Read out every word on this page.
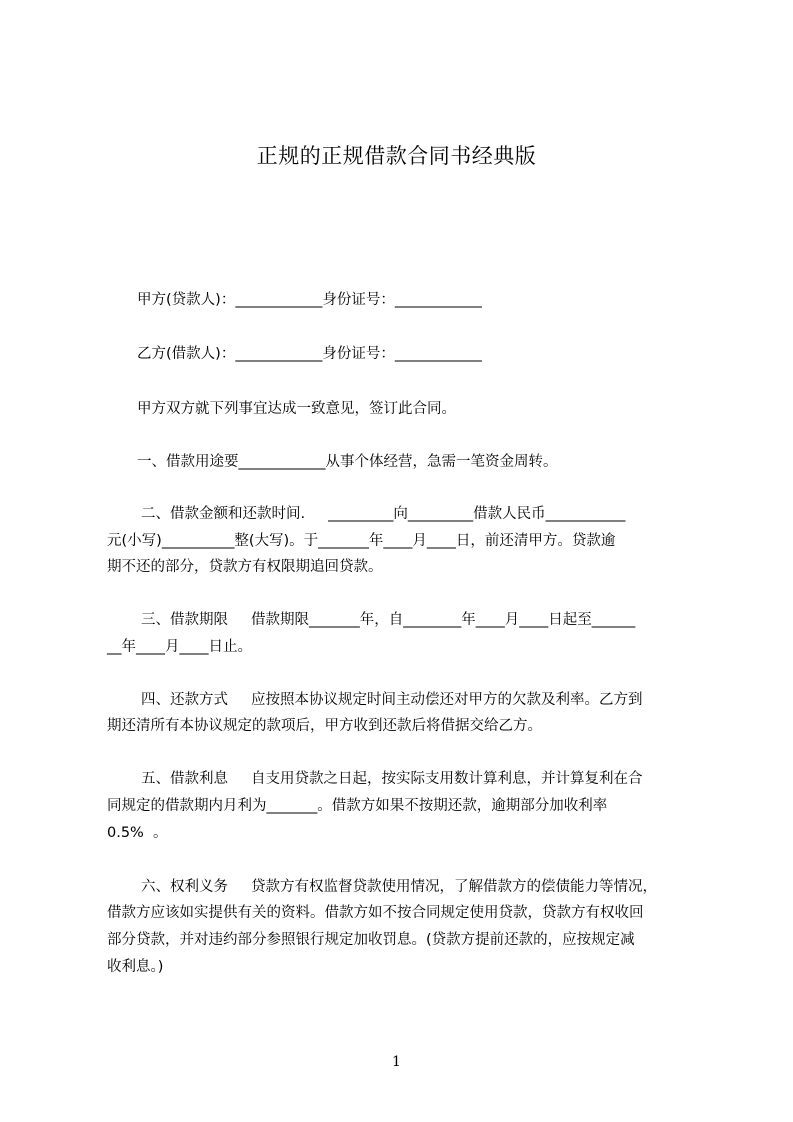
正规的正规借款合同书经典版
甲方(贷款人)：____________身份证号：____________
乙方(借款人)：____________身份证号：____________
甲方双方就下列事宜达成一致意见，签订此合同。
一、借款用途要____________从事个体经营，急需一笔资金周转。
二、借款金额和还款时间.     _________向_________借款人民币___________
元(小写)__________整(大写)。于_______年____月____日，前还清甲方。贷款逾
期不还的部分，贷款方有权限期追回贷款。
三、借款期限     借款期限_______年，自________年____月____日起至______
__年____月____日止。
四、还款方式     应按照本协议规定时间主动偿还对甲方的欠款及利率。乙方到
期还清所有本协议规定的款项后，甲方收到还款后将借据交给乙方。
五、借款利息     自支用贷款之日起，按实际支用数计算利息，并计算复利在合
同规定的借款期内月利为_______。借款方如果不按期还款，逾期部分加收利率
0.5%  。
六、权利义务     贷款方有权监督贷款使用情况，了解借款方的偿债能力等情况，
借款方应该如实提供有关的资料。借款方如不按合同规定使用贷款，贷款方有权收回
部分贷款，并对违约部分参照银行规定加收罚息。(贷款方提前还款的，应按规定减
收利息。)
1
